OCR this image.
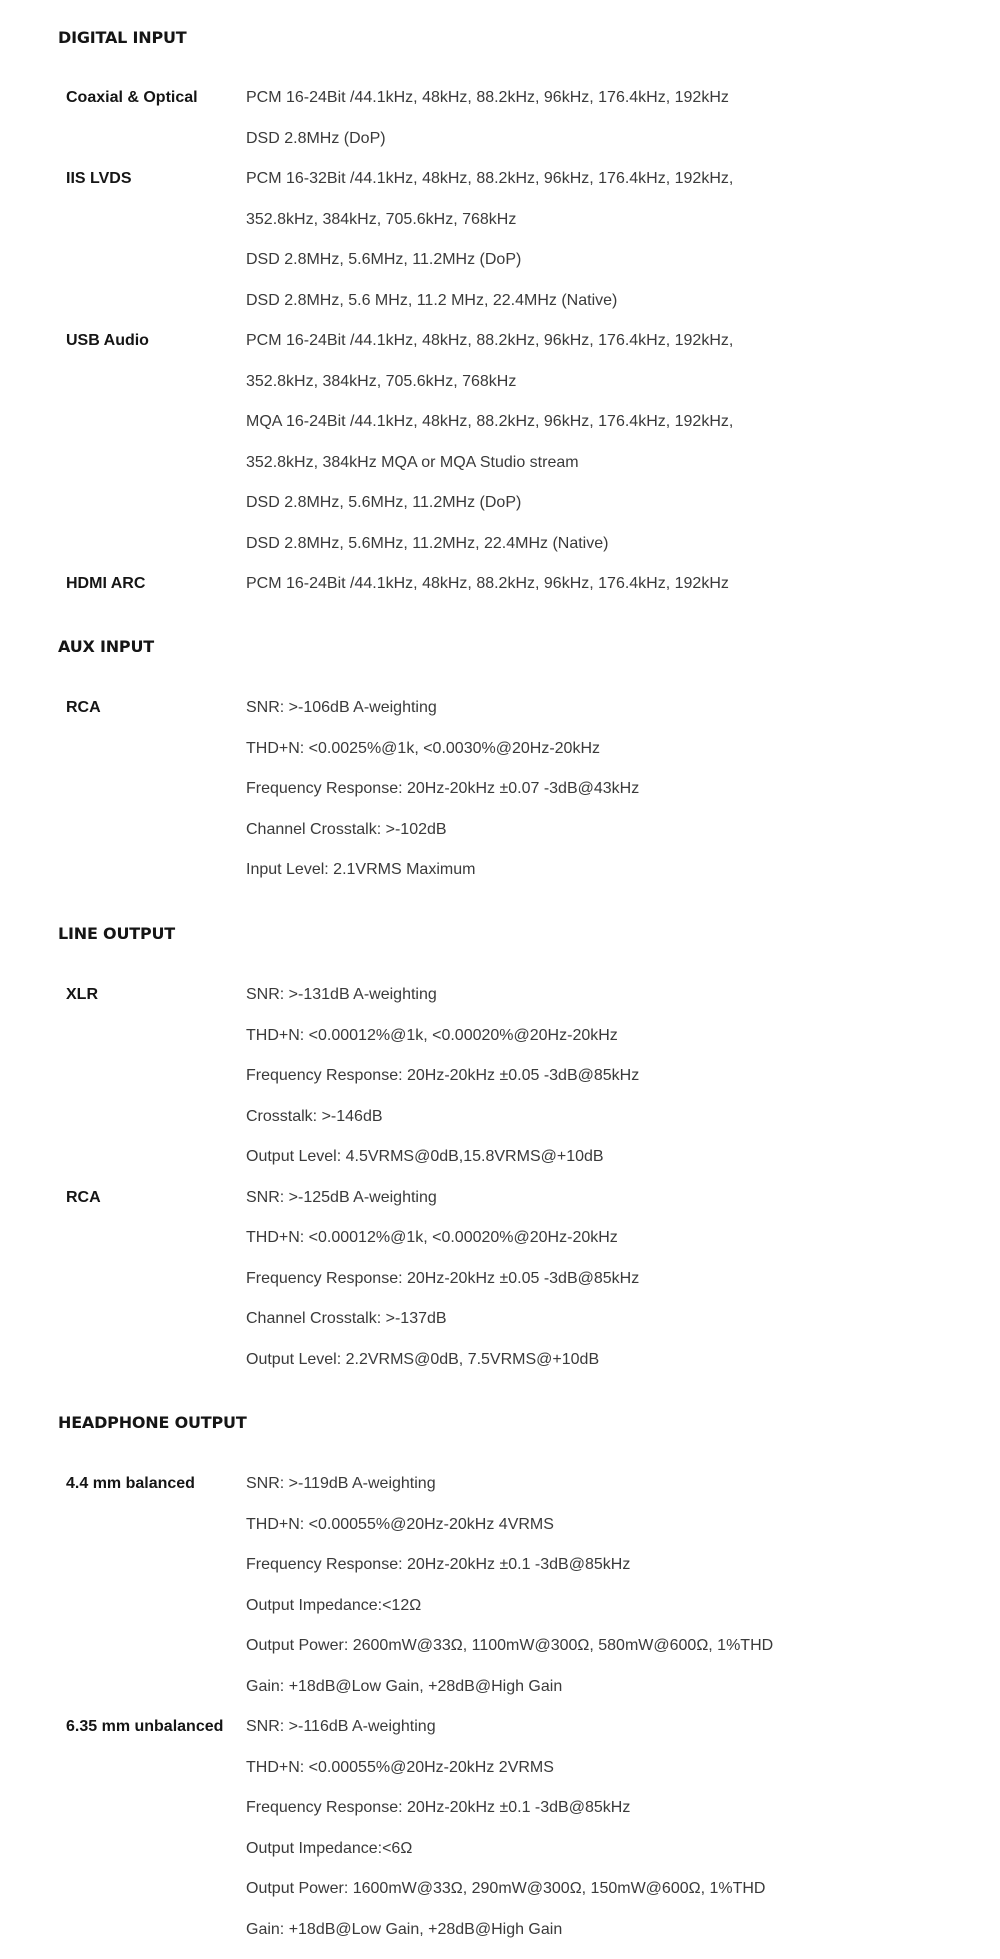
DIGITAL INPUT
Coaxial & Optical	PCM 16-24Bit /44.1kHz, 48kHz, 88.2kHz, 96kHz, 176.4kHz, 192kHz
DSD 2.8MHz (DoP)
IIS LVDS	PCM 16-32Bit /44.1kHz, 48kHz, 88.2kHz, 96kHz, 176.4kHz, 192kHz,
352.8kHz, 384kHz, 705.6kHz, 768kHz
DSD 2.8MHz, 5.6MHz, 11.2MHz (DoP)
DSD 2.8MHz, 5.6 MHz, 11.2 MHz, 22.4MHz (Native)
USB Audio	PCM 16-24Bit /44.1kHz, 48kHz, 88.2kHz, 96kHz, 176.4kHz, 192kHz,
352.8kHz, 384kHz, 705.6kHz, 768kHz
MQA 16-24Bit /44.1kHz, 48kHz, 88.2kHz, 96kHz, 176.4kHz, 192kHz,
352.8kHz, 384kHz MQA or MQA Studio stream
DSD 2.8MHz, 5.6MHz, 11.2MHz (DoP)
DSD 2.8MHz, 5.6MHz, 11.2MHz, 22.4MHz (Native)
HDMI ARC	PCM 16-24Bit /44.1kHz, 48kHz, 88.2kHz, 96kHz, 176.4kHz, 192kHz
AUX INPUT
RCA	SNR: >-106dB A-weighting
THD+N: <0.0025%@1k, <0.0030%@20Hz-20kHz
Frequency Response: 20Hz-20kHz ±0.07 -3dB@43kHz
Channel Crosstalk: >-102dB
Input Level: 2.1VRMS Maximum
LINE OUTPUT
XLR	SNR: >-131dB A-weighting
THD+N: <0.00012%@1k, <0.00020%@20Hz-20kHz
Frequency Response: 20Hz-20kHz ±0.05 -3dB@85kHz
Crosstalk: >-146dB
Output Level: 4.5VRMS@0dB,15.8VRMS@+10dB
RCA	SNR: >-125dB A-weighting
THD+N: <0.00012%@1k, <0.00020%@20Hz-20kHz
Frequency Response: 20Hz-20kHz ±0.05 -3dB@85kHz
Channel Crosstalk: >-137dB
Output Level: 2.2VRMS@0dB, 7.5VRMS@+10dB
HEADPHONE OUTPUT
4.4 mm balanced	SNR: >-119dB A-weighting
THD+N: <0.00055%@20Hz-20kHz 4VRMS
Frequency Response: 20Hz-20kHz ±0.1 -3dB@85kHz
Output Impedance:<12Ω
Output Power: 2600mW@33Ω, 1100mW@300Ω, 580mW@600Ω, 1%THD
Gain: +18dB@Low Gain, +28dB@High Gain
6.35 mm unbalanced SNR: >-116dB A-weighting
THD+N: <0.00055%@20Hz-20kHz 2VRMS
Frequency Response: 20Hz-20kHz ±0.1 -3dB@85kHz
Output Impedance:<6Ω
Output Power: 1600mW@33Ω, 290mW@300Ω, 150mW@600Ω, 1%THD
Gain: +18dB@Low Gain, +28dB@High Gain
